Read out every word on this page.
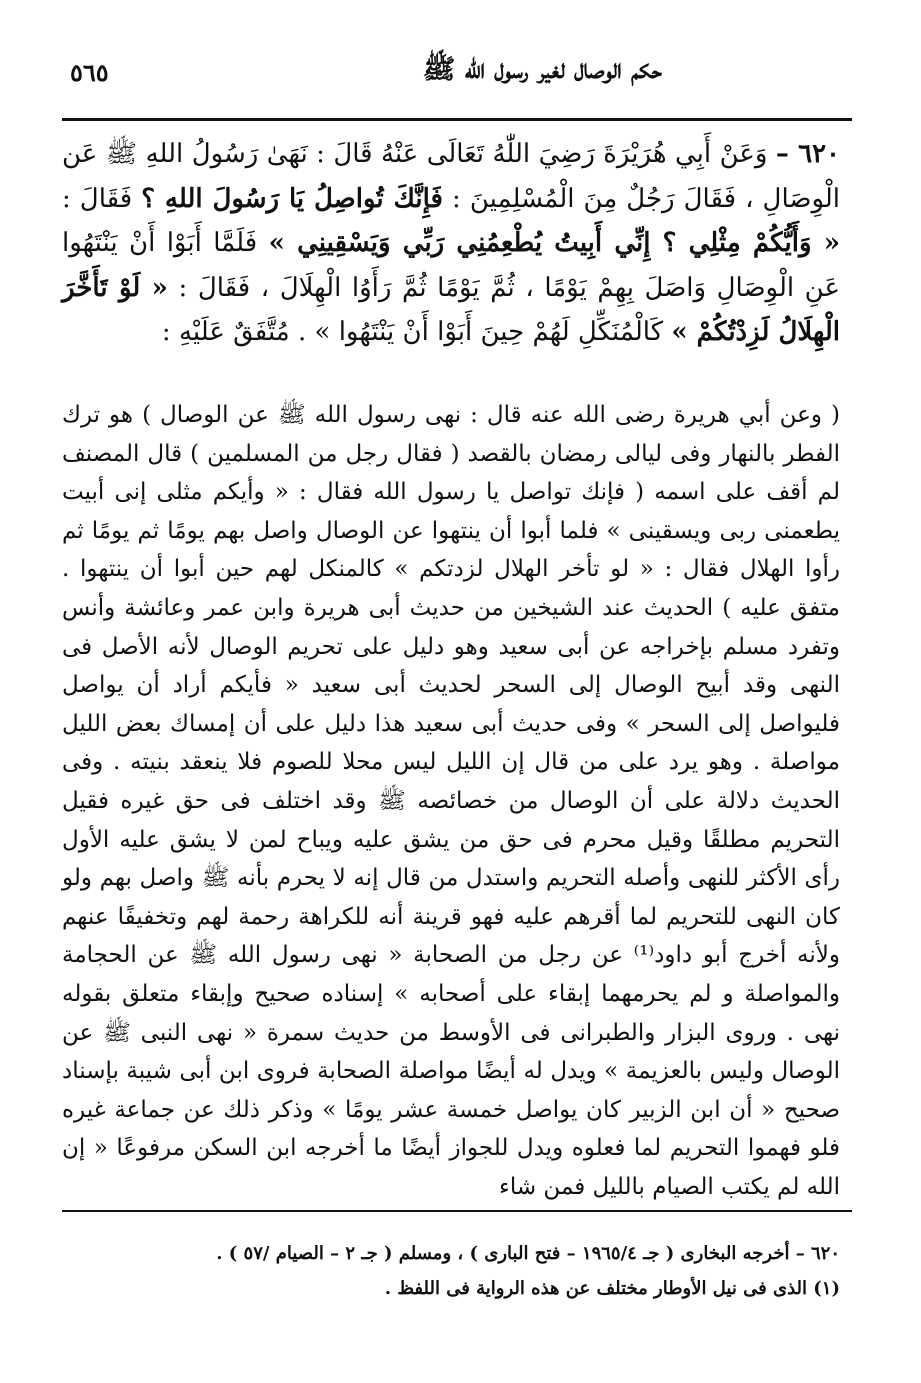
حكم الوصال لغير رسول الله ﷺ
٥٦٥
٦٢٠ – وَعَنْ أَبِي هُرَيْرَةَ رَضِيَ اللّٰهُ تَعَالَى عَنْهُ قَالَ : نَهَىٰ رَسُولُ اللهِ ﷺ عَن الْوِصَالِ ، فَقَالَ رَجُلٌ مِنَ الْمُسْلِمِينَ : فَإِنَّكَ تُواصِلُ يَا رَسُولَ اللهِ ؟ فَقَالَ : « وَأَيُّكُمْ مِثْلِي ؟ إِنِّي أَبِيتُ يُطْعِمُنِي رَبِّي وَيَسْقِينِي » فَلَمَّا أَبَوْا أَنْ يَنْتَهُوا عَنِ الْوِصَالِ وَاصَلَ بِهِمْ يَوْمًا ، ثُمَّ يَوْمًا ثُمَّ رَأَوُا الْهِلَالَ ، فَقَالَ : « لَوْ تَأَخَّرَ الْهِلَالُ لَزِدْتُكُمْ » كَالْمُنَكِّلِ لَهُمْ حِينَ أَبَوْا أَنْ يَنْتَهُوا » . مُتَّفَقٌ عَلَيْهِ :
( وعن أبي هريرة رضى الله عنه قال : نهى رسول الله ﷺ عن الوصال ) هو ترك الفطر بالنهار وفى ليالى رمضان بالقصد ( فقال رجل من المسلمين ) قال المصنف لم أقف على اسمه ( فإنك تواصل يا رسول الله فقال : « وأيكم مثلى إنى أبيت يطعمنى ربى ويسقينى » فلما أبوا أن ينتهوا عن الوصال واصل بهم يومًا ثم يومًا ثم رأوا الهلال فقال : « لو تأخر الهلال لزدتكم » كالمنكل لهم حين أبوا أن ينتهوا . متفق عليه ) الحديث عند الشيخين من حديث أبى هريرة وابن عمر وعائشة وأنس وتفرد مسلم بإخراجه عن أبى سعيد وهو دليل على تحريم الوصال لأنه الأصل فى النهى وقد أبيح الوصال إلى السحر لحديث أبى سعيد « فأيكم أراد أن يواصل فليواصل إلى السحر » وفى حديث أبى سعيد هذا دليل على أن إمساك بعض الليل مواصلة . وهو يرد على من قال إن الليل ليس محلا للصوم فلا ينعقد بنيته . وفى الحديث دلالة على أن الوصال من خصائصه ﷺ وقد اختلف فى حق غيره فقيل التحريم مطلقًا وقيل محرم فى حق من يشق عليه ويباح لمن لا يشق عليه الأول رأى الأكثر للنهى وأصله التحريم واستدل من قال إنه لا يحرم بأنه ﷺ واصل بهم ولو كان النهى للتحريم لما أقرهم عليه فهو قرينة أنه للكراهة رحمة لهم وتخفيفًا عنهم ولأنه أخرج أبو داود⁽¹⁾ عن رجل من الصحابة « نهى رسول الله ﷺ عن الحجامة والمواصلة و لم يحرمهما إبقاء على أصحابه » إسناده صحيح وإبقاء متعلق بقوله نهى . وروى البزار والطبرانى فى الأوسط من حديث سمرة « نهى النبى ﷺ عن الوصال وليس بالعزيمة » ويدل له أيضًا مواصلة الصحابة فروى ابن أبى شيبة بإسناد صحيح « أن ابن الزبير كان يواصل خمسة عشر يومًا » وذكر ذلك عن جماعة غيره فلو فهموا التحريم لما فعلوه ويدل للجواز أيضًا ما أخرجه ابن السكن مرفوعًا « إن الله لم يكتب الصيام بالليل فمن شاء
٦٢٠ – أخرجه البخارى ( جـ ١٩٦٥/٤ – فتح البارى ) ، ومسلم ( جـ ٢ – الصيام /٥٧ ) .
(١) الذى فى نيل الأوطار مختلف عن هذه الرواية فى اللفظ .
